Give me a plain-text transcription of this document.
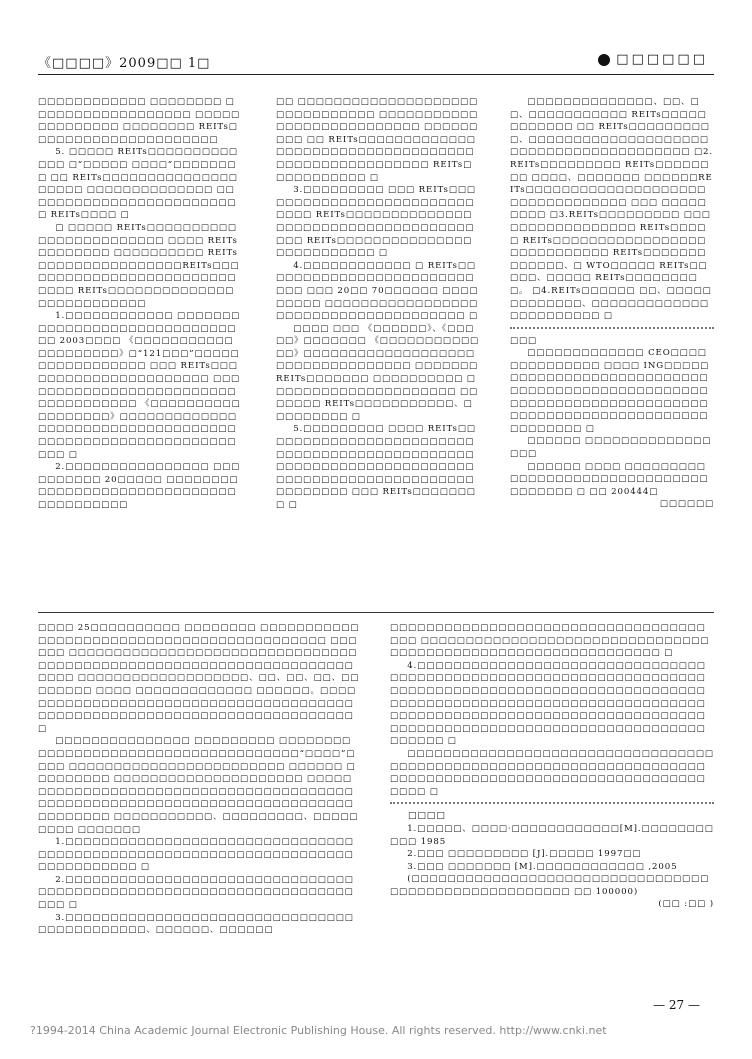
《□□□□》2009□□ 1□	□□□□□□

□□□□□□□□□□□□ □□□□□□□□ □□□□□□□□□□□□□□□□□□ □□□□□□□□□□□□□□ □□□□□□□□ REITs□□□□□□□□□□□□□□□□□□□□□

5. □□□□□ REITs□□□□□□□□□□□□□ □“□□□□□ □□□□”□□□□□□□□ □□ REITs□□□□□□□□□□□□□□□ □□□□□ □□□□□□□□□□□□□□ □□□□□□□□□□□□□□□□□□□□□□□□□ REITs□□□□ □

□ □□□□□ REITs□□□□□□□□□□□□□□□□□□□□□□□□ □□□□ REITs□□□□□□□□ □□□□□□□□□□ REITs□□□□□□□□□□□□□□□□REITs□□□□□□□□□□□□□□□□□□□□□□□□□ □□□□ REITs□□□□□□□□□□□□□□□□□□□□□□□□□□

1.□□□□□□□□□□□□ □□□□□□□□□□□□□□□□□□□□□□□□□□□□□□□ 2003□□□□ 《□□□□□□□□□□□□□□□□□□□□》□“121□□□”□□□□□□□□□□□□□□□□□ □□□ REITs□□□□□□□□□□□□□□□□□□□□□□ □□□□□□□□□□□□□□□□□□□□□□□□□□□□□□□□□□□□ 《□□□□□□□□□□□□□□□□□□》□□□□□□□□□□□□□□□□□□□□□□□□□□□□□□□□□□□□□□□□□□□□□□□□□□□□□□□□□□□□ □

2.□□□□□□□□□□□□□□□□ □□□□□□□□□□ 20□□□□□ □□□□□□□□□□□□□□□□□□□□□□□□□□□□□□□□□□□□□□□□

□□ □□□□□□□□□□□□□□□□□□□□□□□□□□□□□□□ □□□□□□□□□□□□□□□□□□□□□□□□□□□ □□□□□□□□□ □□ REITs□□□□□□□□□□□□□□□□□□□□□□□□□□□□□□□□□□□□□□□□□□□□□□□□□□□□ REITs□□□□□□□□□□□ □

3.□□□□□□□□□ □□□ REITs□□□□□□□□□□□□□□□□□□□□□□□□□□□□□ REITs□□□□□□□□□□□□□□□□□□□□□□□□□□□□□□□□□□□□□□□ REITs□□□□□□□□□□□□□□□□□□□□□□□□□□ □

4.□□□□□□□□□□□□ □ REITs□□□□□□□□□□□□□□□□□□□□□□□□□□□ □□□ 20□□ 70□□□□□□ □□□□□□□□□ □□□□□□□□□□□□□□□□□□□□□□□□□□□□□□□□□□□□□□ □

□□□□ □□□ 《□□□□□□》、《□□□□□》□□□□□□□ 《□□□□□□□□□□□□□》□□□□□□□□□□□□□□□□□□□ □□□□□□□□□□□□□□□ □□□□□□□ REITs□□□□□□□ □□□□□□□□□□ □□□□□□□□□□□□□□□□□□□□□ □□□□□□□ REITs□□□□□□□□□□□、□□□□□□□□□ □

5.□□□□□□□□□ □□□□ REITs□□□□□□□□□□□□□□□□□□□□□□□□□□□□□□□□□□□□□□□□□□□□□□□□□□□□□□□□□□□□□□□□□□□□□□□□□□□□□□□□□□□□□□□□□□□□□□□□□□ □□□ REITs□□□□□□□□ □

□□□□□□□□□□□□□□、□□、□□、□□□□□□□□□□□ REITs□□□□□□□□□□□□ □□ REITs□□□□□□□□□□、□□□□□□□□□□□□□□□□□□□□□□□□□□□□□□□□□□□□□□□□ □2.REITs□□□□□□□□□ REITs□□□□□□□□ □□□□、□□□□□□□ □□□□□□REITs□□□□□□□□□□□□□□□□□□□□□□□□□□□□□□□□□ □□□ □□□□□□□□□ □3.REITs□□□□□□□□□ □□□□□□□□□□□□□□□□□ REITs□□□□□ REITs□□□□□□□□□□□□□□□□□□□□□□□□□□□□ REITs□□□□□□□□□□□□□、□ WTO□□□□□ REITs□□□□□、□□□□□ REITs□□□□□□□□□。 □4.REITs□□□□□□ □□、□□□□□□□□□□□□□、□□□□□□□□□□□□□□□□□□□□□□□ □

□□□

□□□□□□□□□□□□□ CEO□□□□□□□□□□□□□□ □□□□ ING□□□□□□□□□□□□□□□□□□□□□□□□□□□□□□□□□□□□□□□□□□□□□□□□□□□□□□□□□□□□□□□□□□□□□□□□□□□□□□□□□□□□□□□□□□□□□□□□□□□□□ □

□□□□□□ □□□□□□□□□□□□□□□□□

□□□□□□ □□□□ □□□□□□□□□□□□□□□□□□□□□□□□□□□□□□□□□□□□□□ □ □□ 200444□

□□□□□□

□□□□ 25□□□□□□□□□□ □□□□□□□□ □□□□□□□□□□□□□□□□□□□□□□□□□□□□□□□□□□□□□□□□□□□ □□□□□□ □□□□□□□□□□□□□□□□□□□□□□□□□□□□□□□□□□□□□□□□□□□□□□□□□□□□□□□□□□□□□□□□□□□□□□□ □□□□□□□□□□□□□□□□□□□、□□、□□、□□、□□□□□□□□ □□□□ □□□□□□□□□□□□□ □□□□□□。□□□□□□□□□□□□□□□□□□□□□□□□□□□□□□□□□□□□□□□□□□□□□□□□□□□□□□□□□□□□□□□□□□□□□□□□□□ □

□□□□□□□□□□□□□□□ □□□□□□□□□ □□□□□□□□□□□□□□□□□□□□□□□□□□□□□□□□□□□□□“□□□□”□□□□ □□□□□□□□□□□□□□□□□□□□□□□□ □□□□□□ □□□□□□□□□ □□□□□□□□□□□□□□□□□□□□□ □□□□□□□□□□□□□□□□□□□□□□□□□□□□□□□□□□□□□□□□ □□□□□□□□□□□□□□□□□□□□□□□□□□□□□□□□□□□□□□□□□□□ □□□□□□□□□□□、□□□□□□□□□、□□□□□□□□□ □□□□□□□

1.□□□□□□□□□□□□□□□□□□□□□□□□□□□□□□□□□□□□□□□□□□□□□□□□□□□□□□□□□□□□□□□□□□□□□□□□□□□□□□ □

2.□□□□□□□□□□□□□□□□□□□□□□□□□□□□□□□□□□□□□□□□□□□□□□□□□□□□□□□□□□□□□□□□□□□□□□ □

3.□□□□□□□□□□□□□□□□□□□□□□□□□□□□□□□□□□□□□□□□□□□□、□□□□□□、□□□□□□

□□□□□□□□□□□□□□□□□□□□□□□□□□□□□□□□□□□□□□ □□□□□□□□□□□□□□□□□□□□□□□□□□□□□□□□□□□□□□□□□□□□□□□□□□□□□□□□□□□□□□ □

4.□□□□□□□□□□□□□□□□□□□□□□□□□□□□□□□□□□□□□□□□□□□□□□□□□□□□□□□□□□□□□□□□□□□□□□□□□□□□□□□□□□□□□□□□□□□□□□□□□□□□□□□□□□□□□□□□□□□□□□□□□□□□□□□□□□□□□□□□□□□□□□□□□□□□□□□□□□□□□□□□□□□□□□□□□□□□□□□□□□□□□□□□□□□□□□□□□□□□□□□□□□□□□□□□□□□□□ □

□□□□□□□□□□□□□□□□□□□□□□□□□□□□□□□□□□□□□□□□□□□□□□□□□□□□□□□□□□□□□□□□□□□□□□□□□□□□□□□□□□□□□□□□□□□□□□□□□□□□□□□□□□□□ □

□□□□

1.□□□□□、□□□□·□□□□□□□□□□□□[M].□□□□□□□□□□□ 1985

2.□□□ □□□□□□□□□ [J].□□□□□ 1997□□

3.□□□ □□□□□□□ [M].□□□□□□□□□□□□ ,2005

(□□□□□□□□□□□□□□□□□□□□□□□□□□□□□□□□□□□□□□□□□□□□□□□□□□□□□ □□ 100000)

(□□ :□□ )

— 27 —
?1994-2014 China Academic Journal Electronic Publishing House. All rights reserved. http://www.cnki.net
